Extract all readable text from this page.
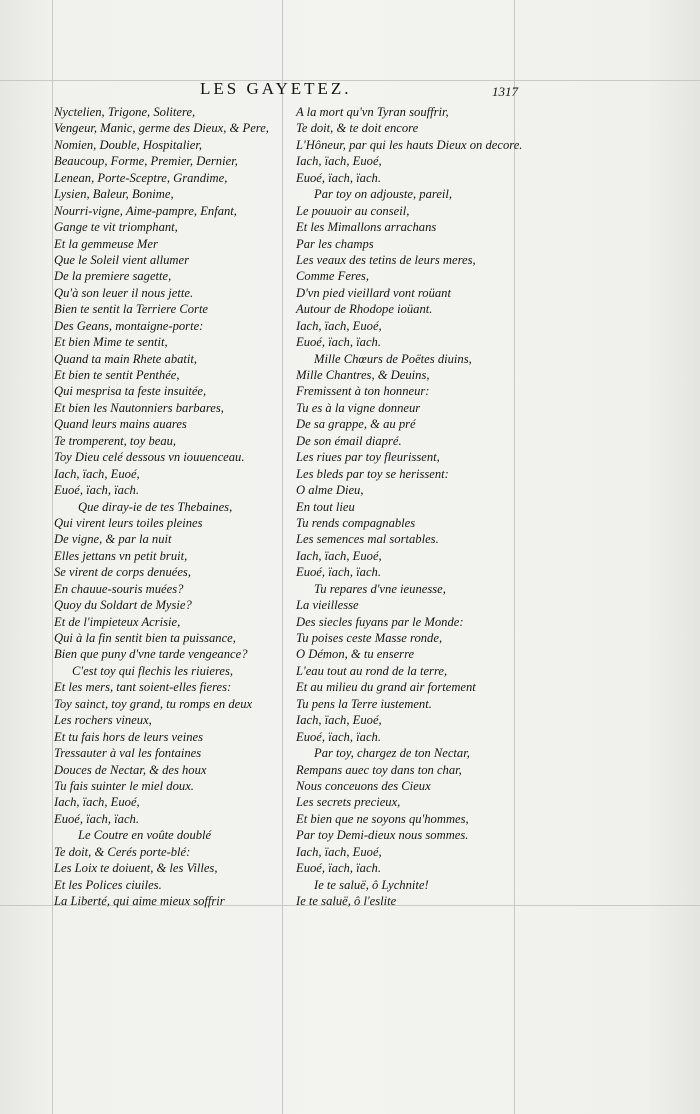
LES GAYETEZ.	1317
Nyctelien, Trigone, Solitere,
Vengeur, Manic, germe des Dieux, & Pere,
Nomien, Double, Hospitalier,
Beaucoup, Forme, Premier, Dernier,
Lenean, Porte-Sceptre, Grandime,
Lysien, Baleur, Bonime,
Nourri-vigne, Aime-pampre, Enfant,
Gange te vit triomphant,
Et la gemmeuse Mer
Que le Soleil vient allumer
De la premiere sagette,
Qu'à son leuer il nous jette.
Bien te sentit la Terriere Corte
Des Geans, montaigne-porte:
Et bien Mime te sentit,
Quand ta main Rhete abatit,
Et bien te sentit Penthée,
Qui mesprisa ta feste insuitée,
Et bien les Nautonniers barbares,
Quand leurs mains auares
Te tromperent, toy beau,
Toy Dieu celé dessous vn iouuenceau.
Iach, ïach, Euoé,
Euoé, ïach, ïach.
Que diray-ie de tes Thebaines,
Qui virent leurs toiles pleines
De vigne, & par la nuit
Elles jettans vn petit bruit,
Se virent de corps denuées,
En chauue-souris muées?
Quoy du Soldart de Mysie?
Et de l'impieteux Acrisie,
Qui à la fin sentit bien ta puissance,
Bien que puny d'vne tarde vengeance?
C'est toy qui flechis les riuieres,
Et les mers, tant soient-elles fieres:
Toy sainct, toy grand, tu romps en deux
Les rochers vineux,
Et tu fais hors de leurs veines
Tressauter à val les fontaines
Douces de Nectar, & des houx
Tu fais suinter le miel doux.
Iach, ïach, Euoé,
Euoé, ïach, ïach.
Le Coutre en voûte doublé
Te doit, & Cerés porte-blé:
Les Loix te doiuent, & les Villes,
Et les Polices ciuiles.
La Liberté, qui aime mieux soffrir
A la mort qu'vn Tyran souffrir,
Te doit, & te doit encore
L'Hôneur, par qui les hauts Dieux on decore.
Iach, ïach, Euoé,
Euoé, ïach, ïach.
Par toy on adjouste, pareil,
Le pouuoir au conseil,
Et les Mimallons arrachans
Par les champs
Les veaux des tetins de leurs meres,
Comme Feres,
D'vn pied vieillard vont roüant
Autour de Rhodope ioüant.
Iach, ïach, Euoé,
Euoé, ïach, ïach.
Mille Chœurs de Poëtes diuins,
Mille Chantres, & Deuins,
Fremissent à ton honneur:
Tu es à la vigne donneur
De sa grappe, & au pré
De son émail diapré.
Les riues par toy fleurissent,
Les bleds par toy se herissent:
O alme Dieu,
En tout lieu
Tu rends compagnables
Les semences mal sortables.
Iach, ïach, Euoé,
Euoé, ïach, ïach.
Tu repares d'vne ieunesse,
La vieillesse
Des siecles fuyans par le Monde:
Tu poises ceste Masse ronde,
O Démon, & tu enserre
L'eau tout au rond de la terre,
Et au milieu du grand air fortement
Tu pens la Terre iustement.
Iach, ïach, Euoé,
Euoé, ïach, ïach.
Par toy, chargez de ton Nectar,
Rempans auec toy dans ton char,
Nous conceuons des Cieux
Les secrets precieux,
Et bien que ne soyons qu'hommes,
Par toy Demi-dieux nous sommes.
Iach, ïach, Euoé,
Euoé, ïach, ïach.
Ie te saluë, ô Lychnite!
Ie te saluë, ô l'eslite
